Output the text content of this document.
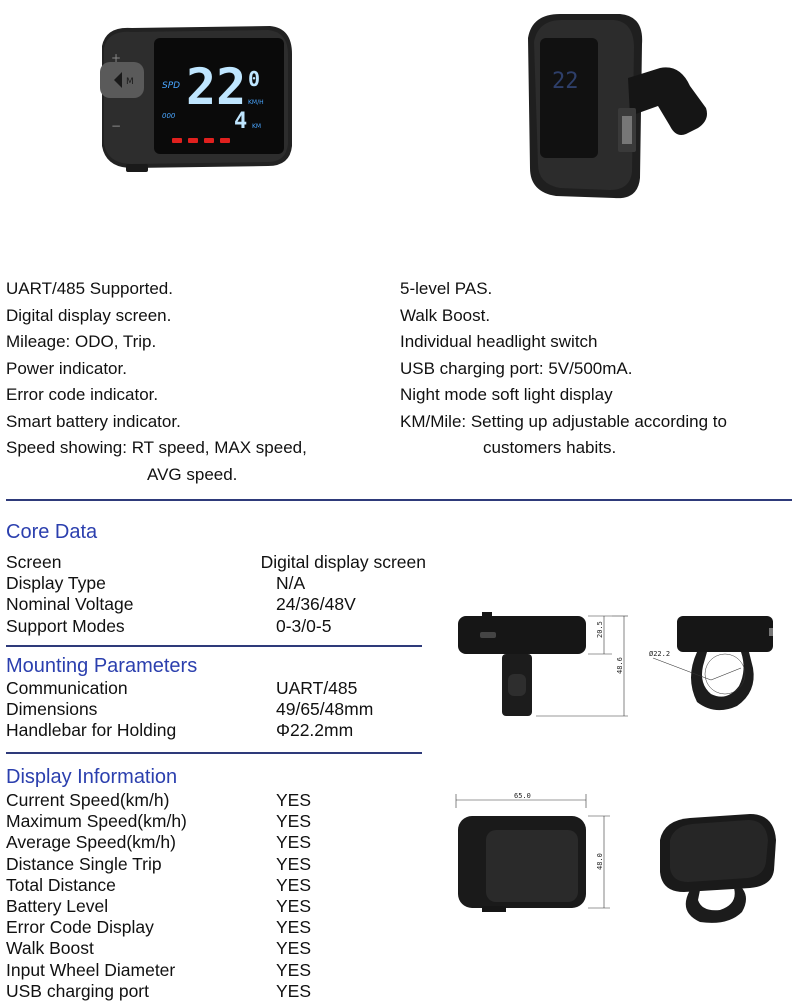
M
+
−
SPD 22 0
KM/H
000	4 KM
22
UART/485 Supported.
Digital display screen.
Mileage: ODO, Trip.
Power indicator.
Error code indicator.
Smart battery indicator.
Speed showing: RT speed, MAX speed,
AVG speed.
5-level PAS.
Walk Boost.
Individual headlight switch
USB charging port: 5V/500mA.
Night mode soft light display
KM/Mile: Setting up adjustable according to
customers habits.
Core Data
Screen	Digital display screen
Display Type	N/A
Nominal Voltage	24/36/48V
Support Modes	0-3/0-5
Mounting Parameters
Communication	UART/485
Dimensions	49/65/48mm
Handlebar for Holding	Φ22.2mm
Display Information
Current Speed(km/h)	YES
Maximum Speed(km/h)	YES
Average Speed(km/h)	YES
Distance Single Trip	YES
Total Distance	YES
Battery Level	YES
Error Code Display	YES
Walk Boost	YES
Input Wheel Diameter	YES
USB charging port	YES
20.5
48.6
Ø22.2
65.0
48.0
